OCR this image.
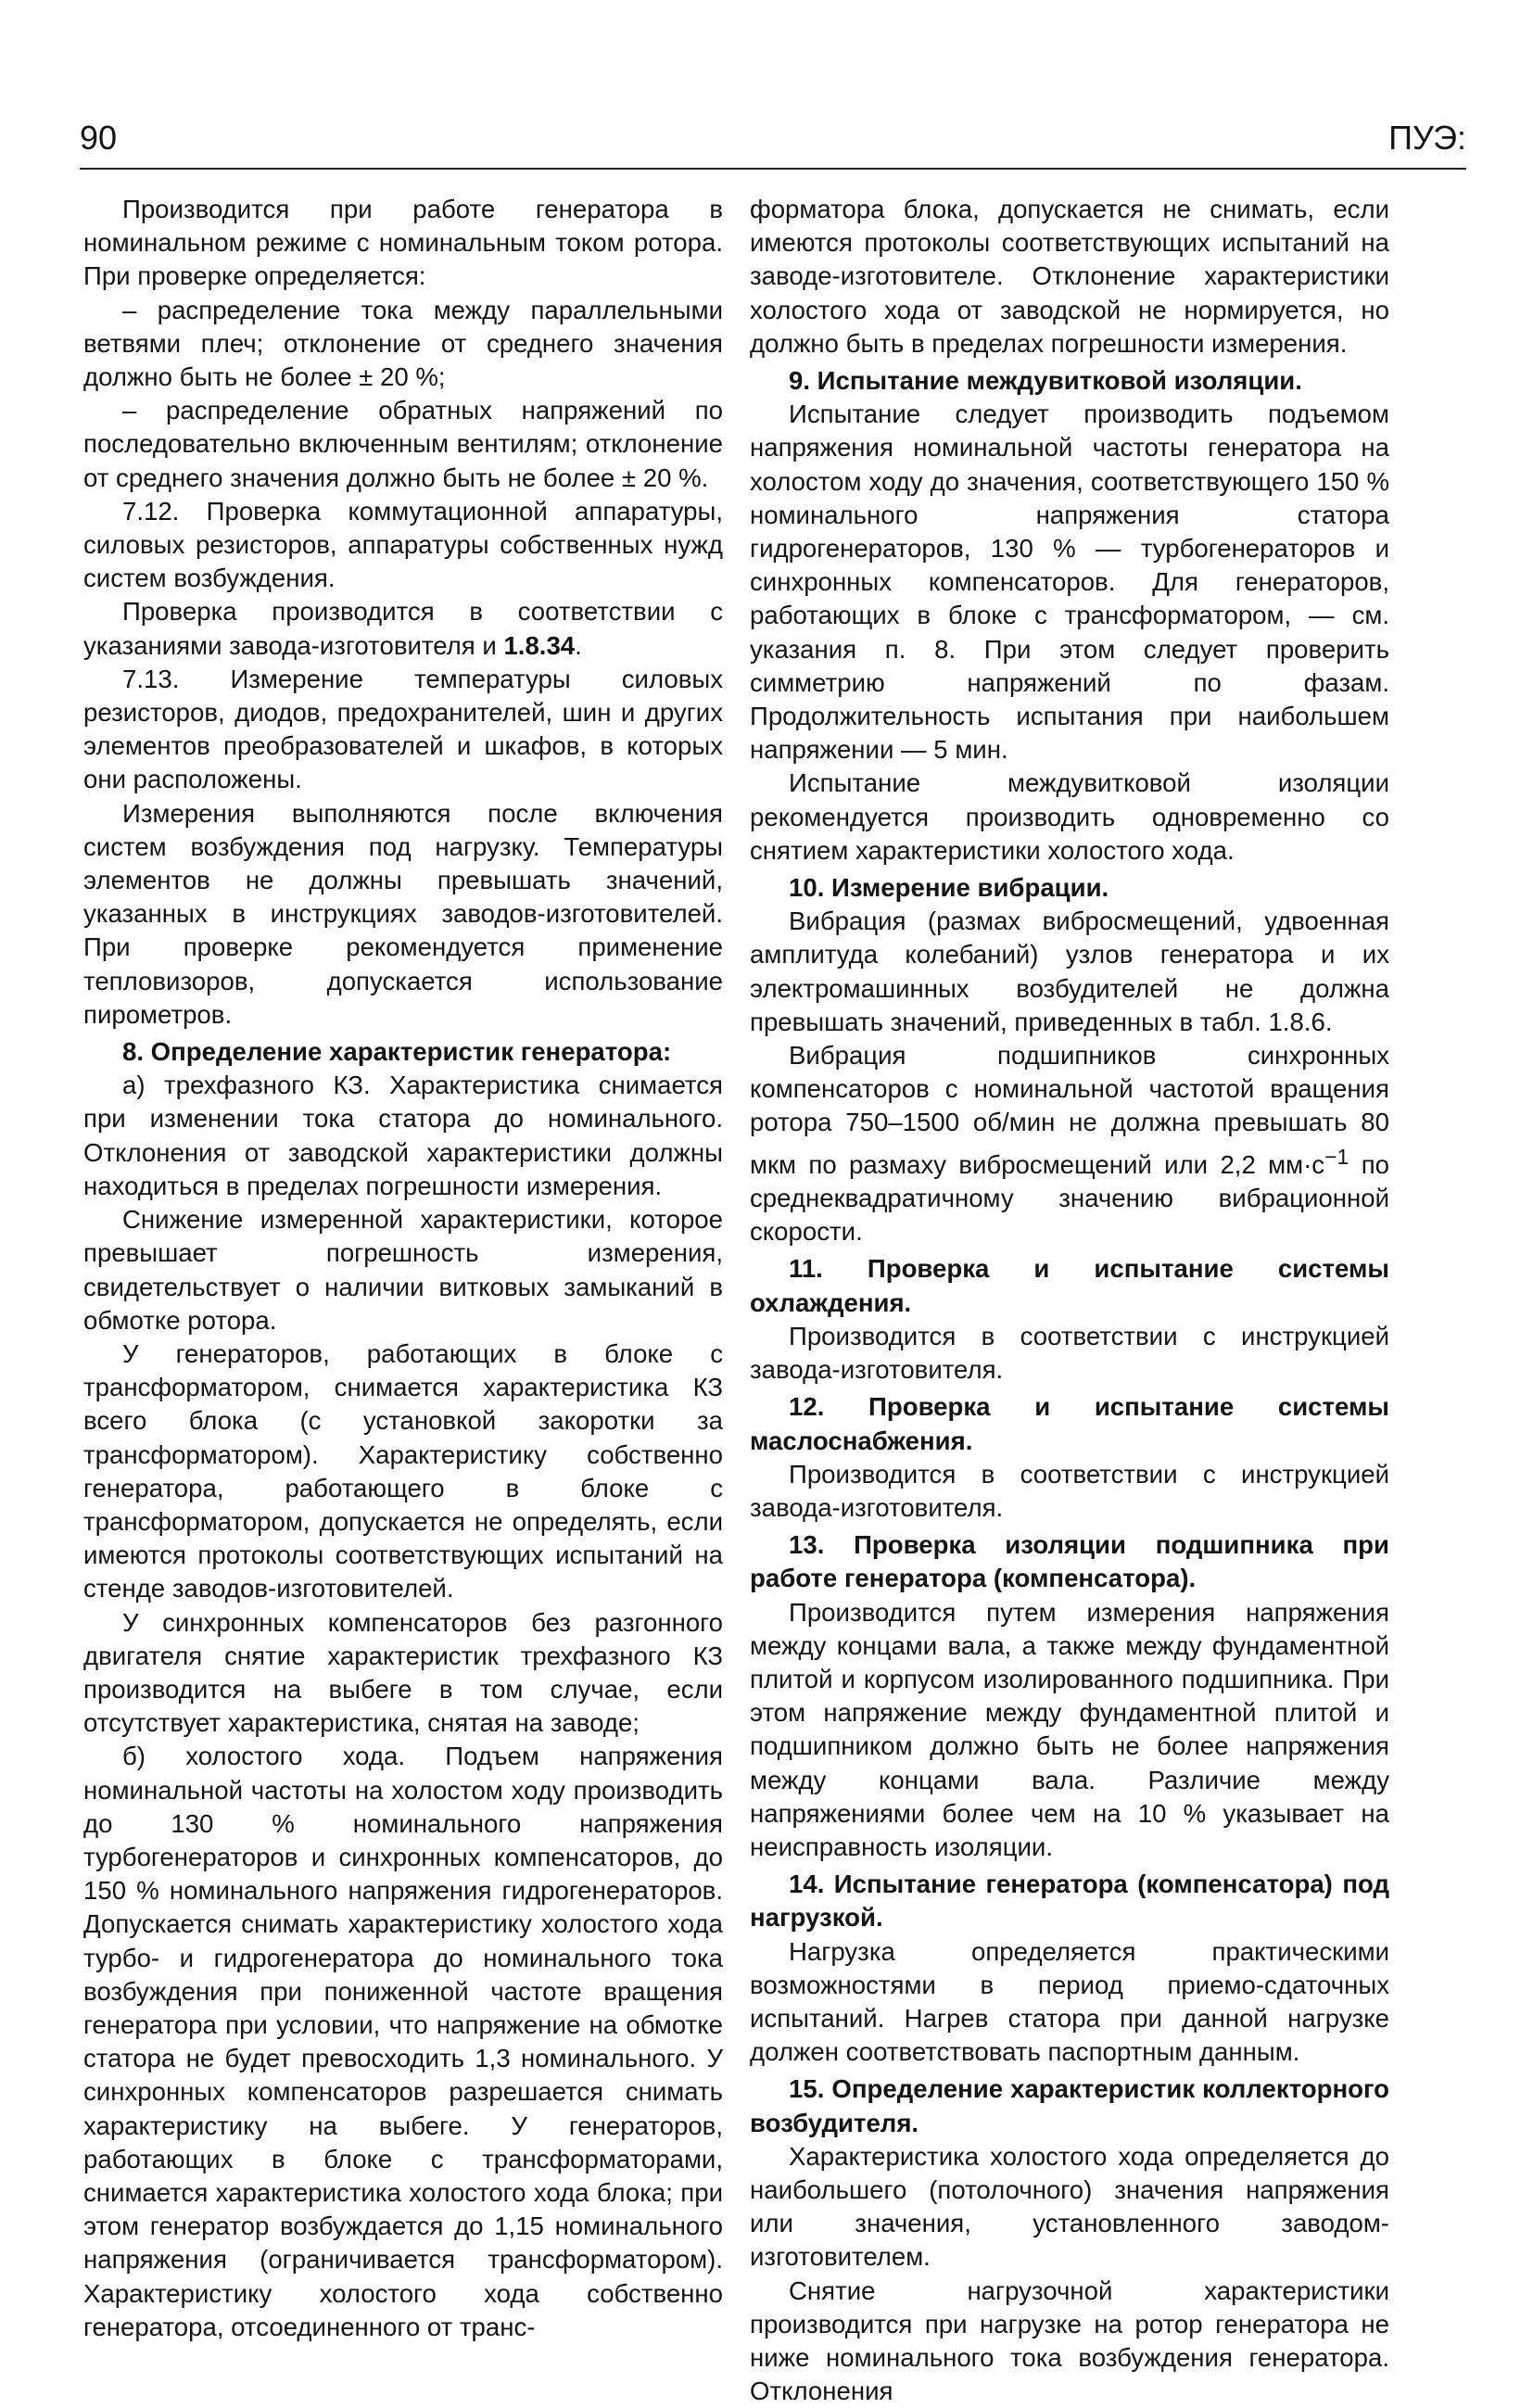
90	ПУЭ:

Производится при работе генератора в номинальном режиме с номинальным током ротора. При проверке определяется:

– распределение тока между параллельными ветвями плеч; отклонение от среднего значения должно быть не более ± 20 %;

– распределение обратных напряжений по последовательно включенным вентилям; отклонение от среднего значения должно быть не более ± 20 %.

7.12. Проверка коммутационной аппаратуры, силовых резисторов, аппаратуры собственных нужд систем возбуждения.

Проверка производится в соответствии с указаниями завода-изготовителя и 1.8.34.

7.13. Измерение температуры силовых резисторов, диодов, предохранителей, шин и других элементов преобразователей и шкафов, в которых они расположены.

Измерения выполняются после включения систем возбуждения под нагрузку. Температуры элементов не должны превышать значений, указанных в инструкциях заводов-изготовителей. При проверке рекомендуется применение тепловизоров, допускается использование пирометров.

8. Определение характеристик генератора:

а) трехфазного КЗ. Характеристика снимается при изменении тока статора до номинального. Отклонения от заводской характеристики должны находиться в пределах погрешности измерения.

Снижение измеренной характеристики, которое превышает погрешность измерения, свидетельствует о наличии витковых замыканий в обмотке ротора.

У генераторов, работающих в блоке с трансформатором, снимается характеристика КЗ всего блока (с установкой закоротки за трансформатором). Характеристику собственно генератора, работающего в блоке с трансформатором, допускается не определять, если имеются протоколы соответствующих испытаний на стенде заводов-изготовителей.

У синхронных компенсаторов без разгонного двигателя снятие характеристик трехфазного КЗ производится на выбеге в том случае, если отсутствует характеристика, снятая на заводе;

б) холостого хода. Подъем напряжения номинальной частоты на холостом ходу производить до 130 % номинального напряжения турбогенераторов и синхронных компенсаторов, до 150 % номинального напряжения гидрогенераторов. Допускается снимать характеристику холостого хода турбо- и гидрогенератора до номинального тока возбуждения при пониженной частоте вращения генератора при условии, что напряжение на обмотке статора не будет превосходить 1,3 номинального. У синхронных компенсаторов разрешается снимать характеристику на выбеге. У генераторов, работающих в блоке с трансформаторами, снимается характеристика холостого хода блока; при этом генератор возбуждается до 1,15 номинального напряжения (ограничивается трансформатором). Характеристику холостого хода собственно генератора, отсоединенного от транс-

форматора блока, допускается не снимать, если имеются протоколы соответствующих испытаний на заводе-изготовителе. Отклонение характеристики холостого хода от заводской не нормируется, но должно быть в пределах погрешности измерения.

9. Испытание междувитковой изоляции.

Испытание следует производить подъемом напряжения номинальной частоты генератора на холостом ходу до значения, соответствующего 150 % номинального напряжения статора гидрогенераторов, 130 % — турбогенераторов и синхронных компенсаторов. Для генераторов, работающих в блоке с трансформатором, — см. указания п. 8. При этом следует проверить симметрию напряжений по фазам. Продолжительность испытания при наибольшем напряжении — 5 мин.

Испытание междувитковой изоляции рекомендуется производить одновременно со снятием характеристики холостого хода.

10. Измерение вибрации.

Вибрация (размах вибросмещений, удвоенная амплитуда колебаний) узлов генератора и их электромашинных возбудителей не должна превышать значений, приведенных в табл. 1.8.6.

Вибрация подшипников синхронных компенсаторов с номинальной частотой вращения ротора 750–1500 об/мин не должна превышать 80 мкм по размаху вибросмещений или 2,2 $мм\cdot с^{-1}$ по среднеквадратичному значению вибрационной скорости.

11. Проверка и испытание системы охлаждения.

Производится в соответствии с инструкцией завода-изготовителя.

12. Проверка и испытание системы маслоснабжения.

Производится в соответствии с инструкцией завода-изготовителя.

13. Проверка изоляции подшипника при работе генератора (компенсатора).

Производится путем измерения напряжения между концами вала, а также между фундаментной плитой и корпусом изолированного подшипника. При этом напряжение между фундаментной плитой и подшипником должно быть не более напряжения между концами вала. Различие между напряжениями более чем на 10 % указывает на неисправность изоляции.

14. Испытание генератора (компенсатора) под нагрузкой.

Нагрузка определяется практическими возможностями в период приемо-сдаточных испытаний. Нагрев статора при данной нагрузке должен соответствовать паспортным данным.

15. Определение характеристик коллекторного возбудителя.

Характеристика холостого хода определяется до наибольшего (потолочного) значения напряжения или значения, установленного заводом-изготовителем.

Снятие нагрузочной характеристики производится при нагрузке на ротор генератора не ниже номинального тока возбуждения генератора. Отклонения
